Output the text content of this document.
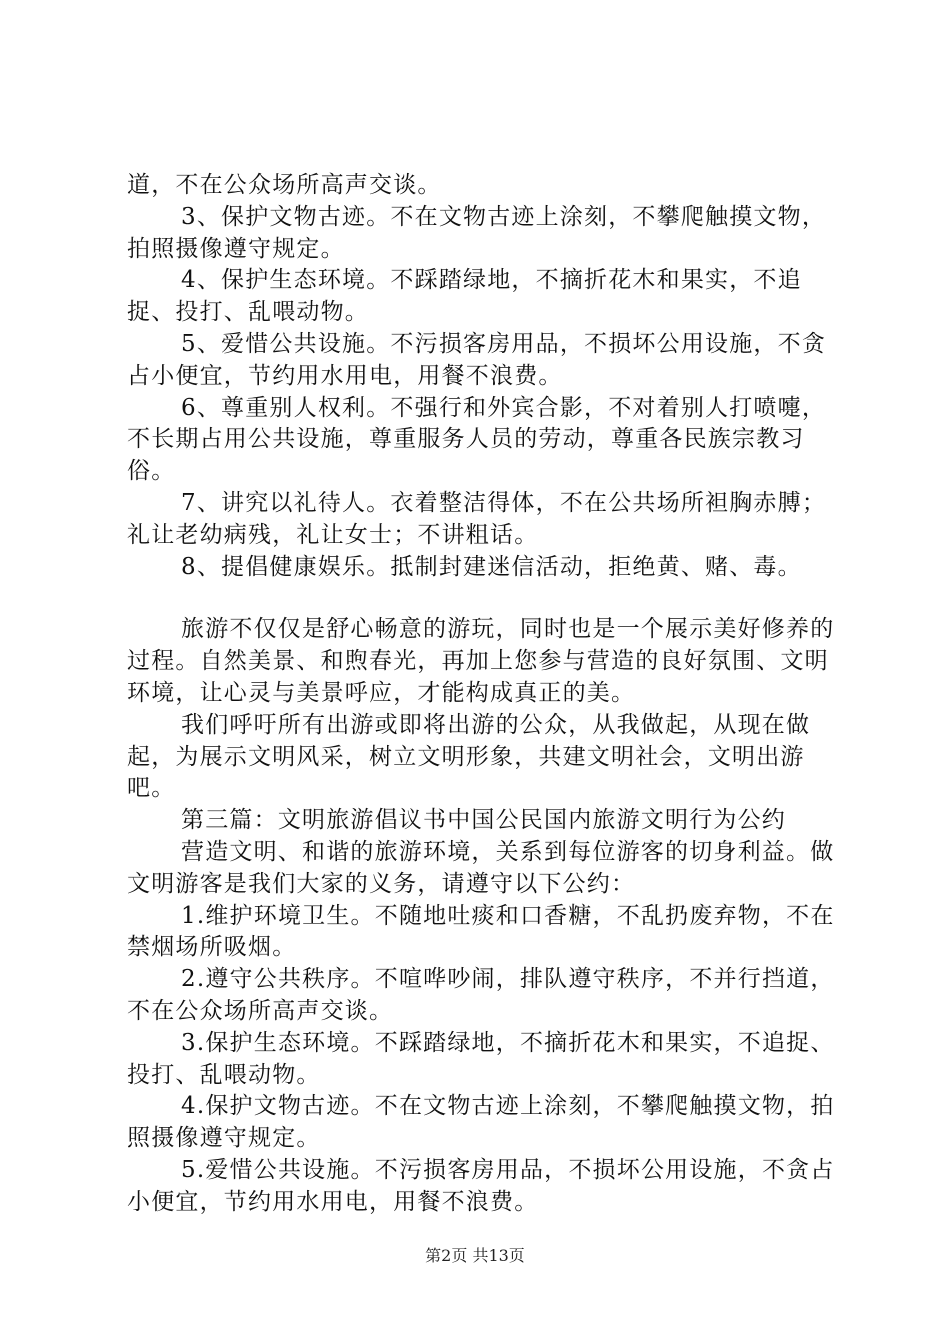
道，不在公众场所高声交谈。

3、保护文物古迹。不在文物古迹上涂刻，不攀爬触摸文物，拍照摄像遵守规定。

4、保护生态环境。不踩踏绿地，不摘折花木和果实，不追捉、投打、乱喂动物。

5、爱惜公共设施。不污损客房用品，不损坏公用设施，不贪占小便宜，节约用水用电，用餐不浪费。

6、尊重别人权利。不强行和外宾合影，不对着别人打喷嚏，不长期占用公共设施，尊重服务人员的劳动，尊重各民族宗教习俗。

7、讲究以礼待人。衣着整洁得体，不在公共场所袒胸赤膊；礼让老幼病残，礼让女士；不讲粗话。

8、提倡健康娱乐。抵制封建迷信活动，拒绝黄、赌、毒。

旅游不仅仅是舒心畅意的游玩，同时也是一个展示美好修养的过程。自然美景、和煦春光，再加上您参与营造的良好氛围、文明环境，让心灵与美景呼应，才能构成真正的美。

我们呼吁所有出游或即将出游的公众，从我做起，从现在做起，为展示文明风采，树立文明形象，共建文明社会，文明出游吧。

第三篇：文明旅游倡议书中国公民国内旅游文明行为公约

营造文明、和谐的旅游环境，关系到每位游客的切身利益。做文明游客是我们大家的义务，请遵守以下公约：

1.维护环境卫生。不随地吐痰和口香糖，不乱扔废弃物，不在禁烟场所吸烟。

2.遵守公共秩序。不喧哗吵闹，排队遵守秩序，不并行挡道，不在公众场所高声交谈。

3.保护生态环境。不踩踏绿地，不摘折花木和果实，不追捉、投打、乱喂动物。

4.保护文物古迹。不在文物古迹上涂刻，不攀爬触摸文物，拍照摄像遵守规定。

5.爱惜公共设施。不污损客房用品，不损坏公用设施，不贪占小便宜，节约用水用电，用餐不浪费。

第2页 共13页
